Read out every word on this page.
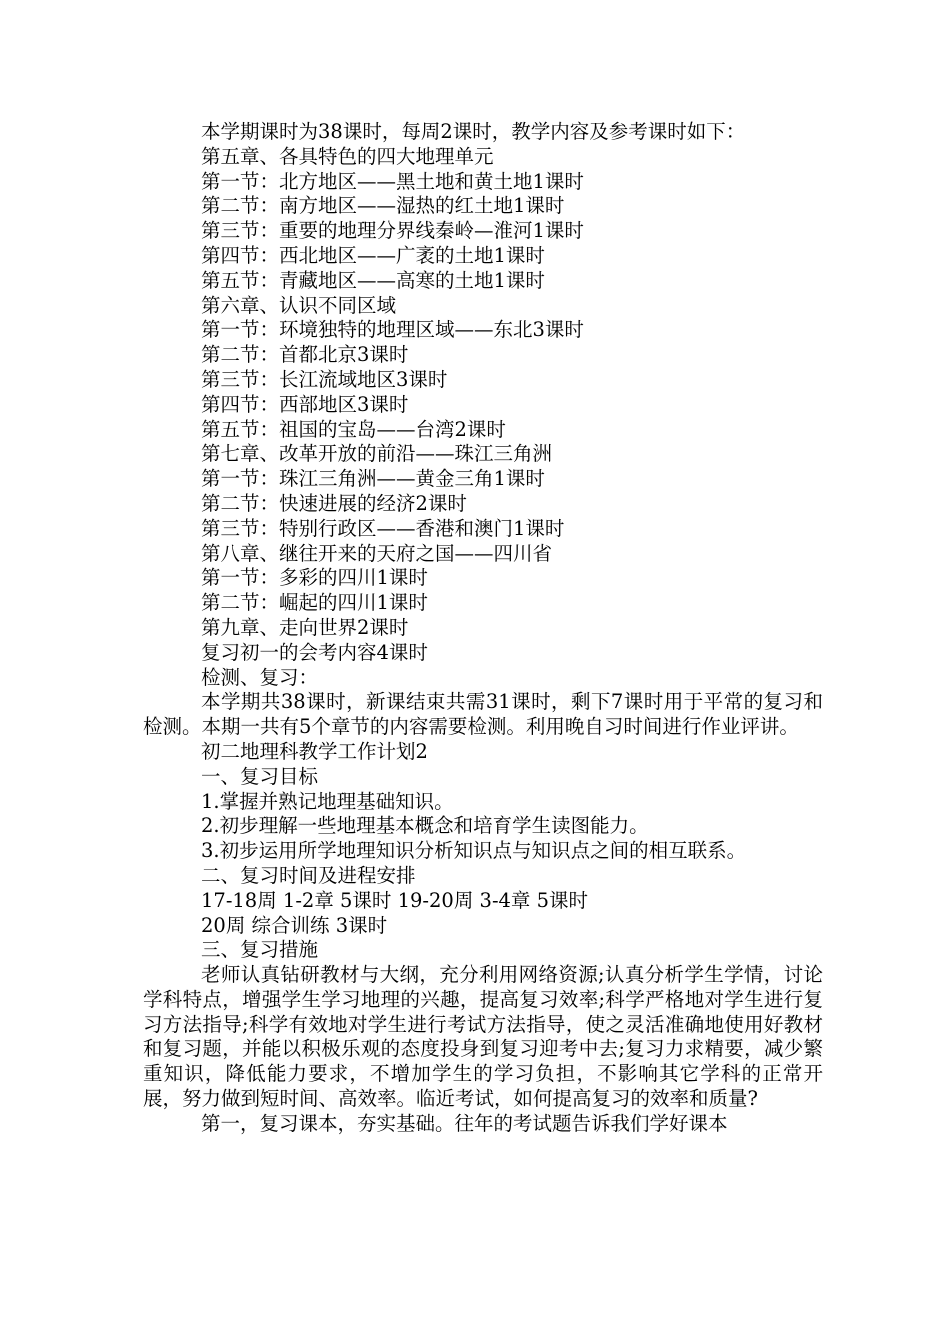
本学期课时为38课时，每周2课时，教学内容及参考课时如下：

第五章、各具特色的四大地理单元

第一节：北方地区——黑土地和黄土地1课时

第二节：南方地区——湿热的红土地1课时

第三节：重要的地理分界线秦岭—淮河1课时

第四节：西北地区——广袤的土地1课时

第五节：青藏地区——高寒的土地1课时

第六章、认识不同区域

第一节：环境独特的地理区域——东北3课时

第二节：首都北京3课时

第三节：长江流域地区3课时

第四节：西部地区3课时

第五节：祖国的宝岛——台湾2课时

第七章、改革开放的前沿——珠江三角洲

第一节：珠江三角洲——黄金三角1课时

第二节：快速进展的经济2课时

第三节：特别行政区——香港和澳门1课时

第八章、继往开来的天府之国——四川省

第一节：多彩的四川1课时

第二节：崛起的四川1课时

第九章、走向世界2课时

复习初一的会考内容4课时

检测、复习：

本学期共38课时，新课结束共需31课时，剩下7课时用于平常的复习和检测。本期一共有5个章节的内容需要检测。利用晚自习时间进行作业评讲。

初二地理科教学工作计划2

一、复习目标

1.掌握并熟记地理基础知识。

2.初步理解一些地理基本概念和培育学生读图能力。

3.初步运用所学地理知识分析知识点与知识点之间的相互联系。

二、复习时间及进程安排

17-18周 1-2章 5课时 19-20周 3-4章 5课时

20周 综合训练 3课时

三、复习措施

老师认真钻研教材与大纲，充分利用网络资源;认真分析学生学情，讨论学科特点，增强学生学习地理的兴趣，提高复习效率;科学严格地对学生进行复习方法指导;科学有效地对学生进行考试方法指导，使之灵活准确地使用好教材和复习题，并能以积极乐观的态度投身到复习迎考中去;复习力求精要，减少繁重知识，降低能力要求，不增加学生的学习负担，不影响其它学科的正常开展，努力做到短时间、高效率。临近考试，如何提高复习的效率和质量?

第一，复习课本，夯实基础。往年的考试题告诉我们学好课本
